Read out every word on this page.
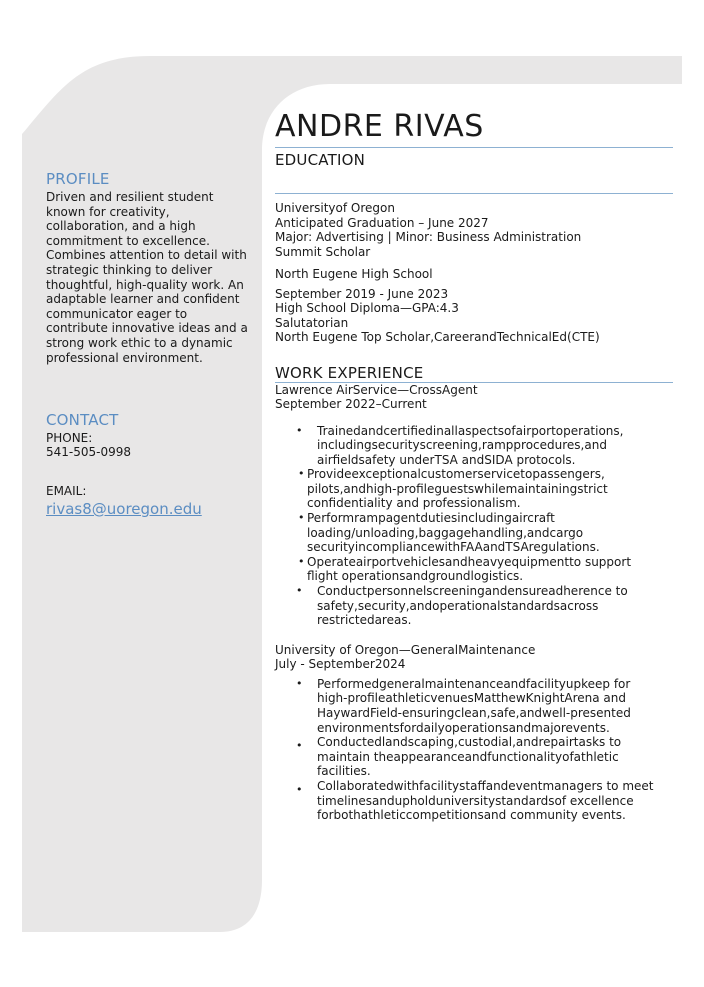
PROFILE

Driven and resilient student known for creativity, collaboration, and a high commitment to excellence. Combines attention to detail with strategic thinking to deliver thoughtful, high-quality work. An adaptable learner and confident communicator eager to contribute innovative ideas and a strong work ethic to a dynamic professional environment.

CONTACT

PHONE:

541-505-0998

EMAIL:

rivas8@uoregon.edu
ANDRE RIVAS
EDUCATION

Universityof Oregon

Anticipated Graduation – June 2027

Major: Advertising | Minor: Business Administration

Summit Scholar

North Eugene High School

September 2019 - June 2023

High School Diploma—GPA:4.3

Salutatorian

North Eugene Top Scholar,CareerandTechnicalEd(CTE)

WORK EXPERIENCE

Lawrence AirService—CrossAgent

September 2022–Current

• Trainedandcertifiedinallaspectsofairportoperations, includingsecurityscreening,rampprocedures,and airfieldsafety underTSA andSIDA protocols.
• Provideexceptionalcustomerservicetopassengers, pilots,andhigh-profileguestswhilemaintainingstrict confidentiality and professionalism.
• Performrampagentdutiesincludingaircraft loading/unloading,baggagehandling,andcargo securityincompliancewithFAAandTSAregulations.
• Operateairportvehiclesandheavyequipmentto support flight operationsandgroundlogistics.
• Conductpersonnelscreeningandensureadherence to safety,security,andoperationalstandardsacross restrictedareas.

University of Oregon—GeneralMaintenance

July - September2024

• Performedgeneralmaintenanceandfacilityupkeep for high-profileathleticvenuesMatthewKnightArena and HaywardField-ensuringclean,safe,andwell-presented environmentsfordailyoperationsandmajorevents.
• Conductedlandscaping,custodial,andrepairtasks to maintain theappearanceandfunctionalityofathletic facilities.
• Collaboratedwithfacilitystaffandeventmanagers to meet timelinesandupholduniversitystandardsof excellence forbothathleticcompetitionsand community events.
